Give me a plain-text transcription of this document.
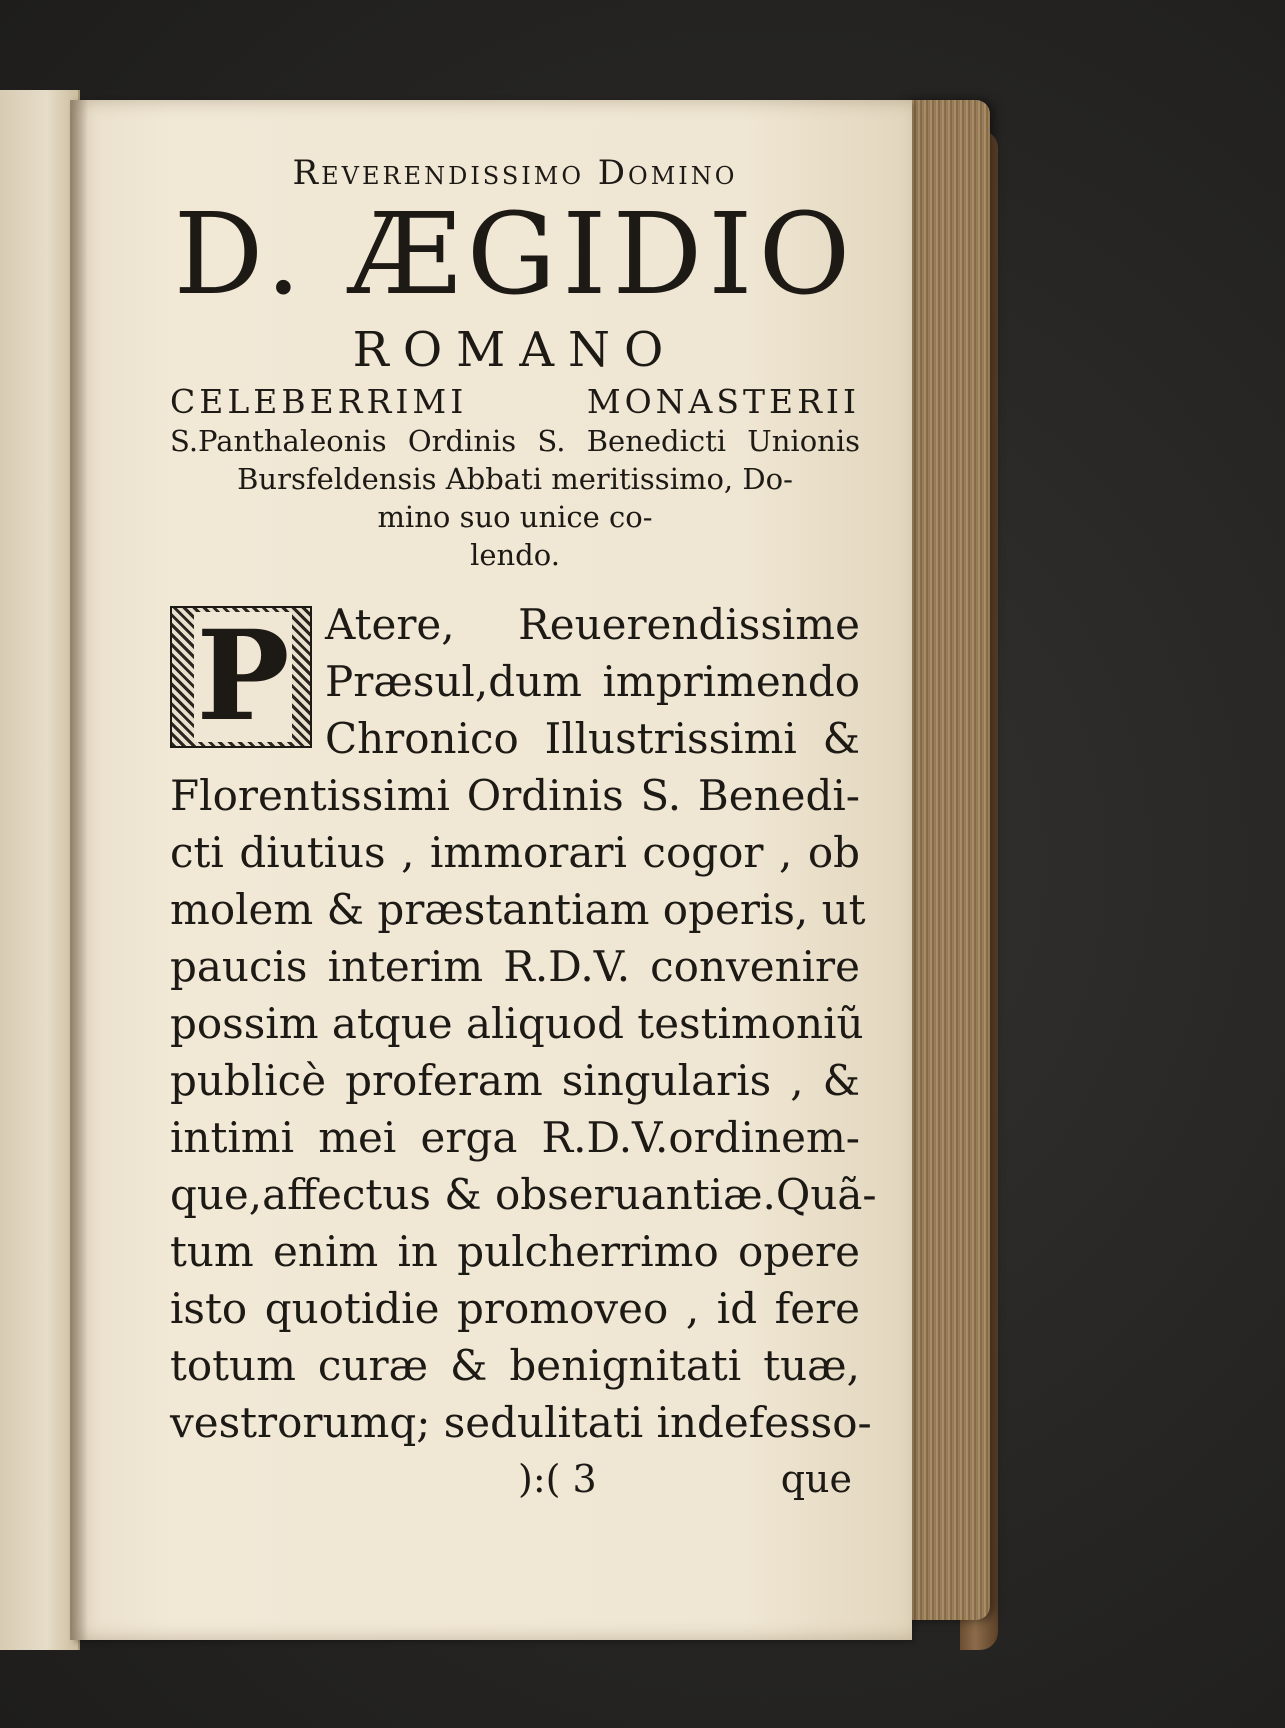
Reverendissimo Domino
D. ÆGIDIO
ROMANO
CELEBERRIMI	MONASTERII
S.Panthaleonis Ordinis S. Benedicti Unionis
Bursfeldensis Abbati meritissimo, Do-
mino suo unice co-
lendo.
P Atere, Reuerendissime
Præsul,dum imprimendo
Chronico Illustrissimi &
Florentissimi Ordinis S. Benedi-
cti diutius , immorari cogor , ob
molem & præstantiam operis, ut
paucis interim R.D.V. convenire
possim atque aliquod testimoniũ
publicè proferam singularis , &
intimi mei erga R.D.V.ordinem-
que,affectus & obseruantiæ.Quã-
tum enim in pulcherrimo opere
isto quotidie promoveo , id fere
totum curæ & benignitati tuæ,
vestrorumq; sedulitati indefesso-
):( 3	que
